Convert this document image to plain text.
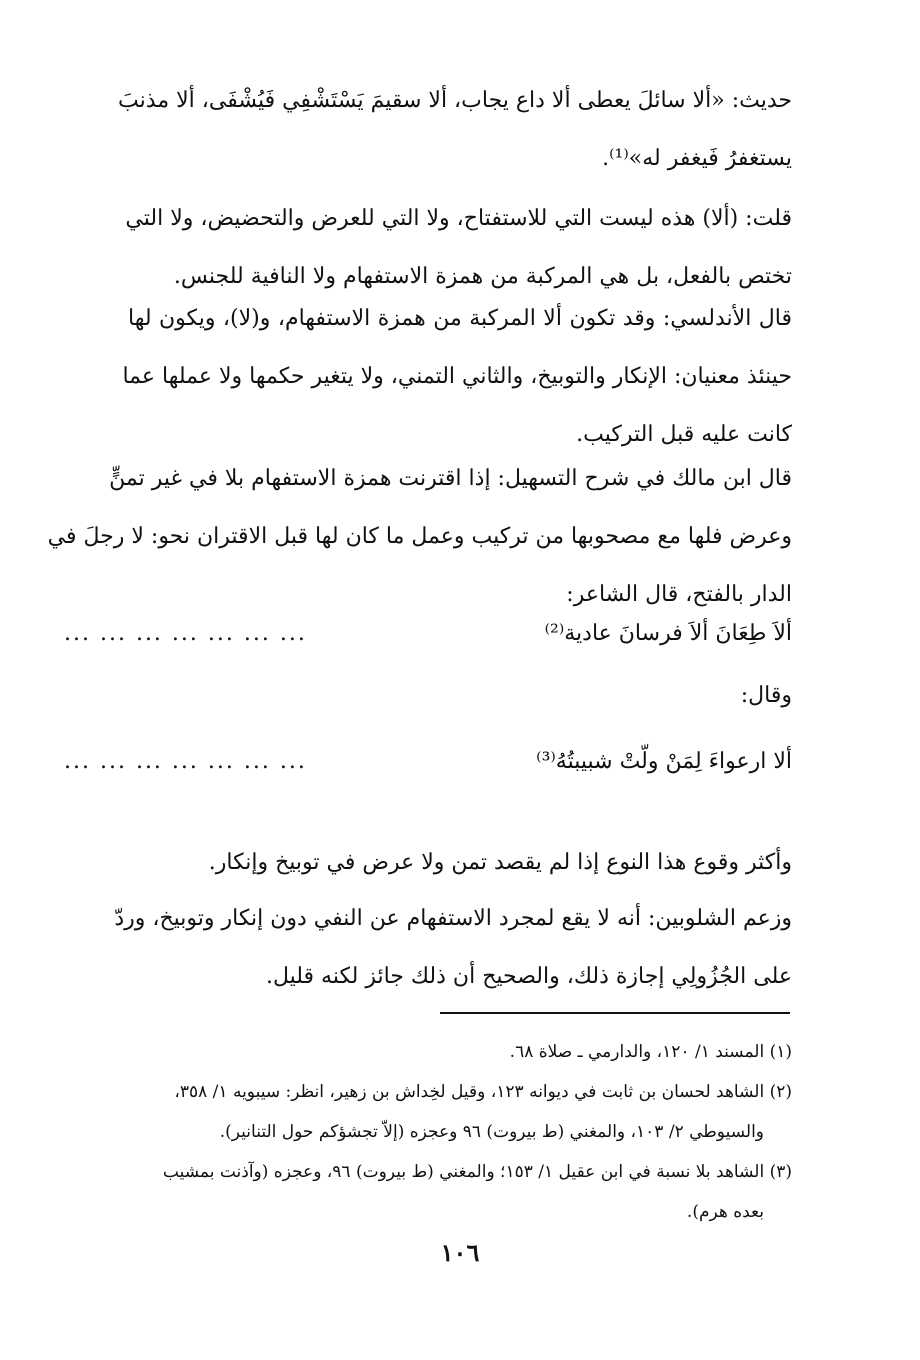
حديث: «ألا سائلَ يعطى ألا داع يجاب، ألا سقيمَ يَسْتَشْفِي فَيُشْفَى، ألا مذنبَ
يستغفرُ فَيغفر له»⁽¹⁾.
قلت: (ألا) هذه ليست التي للاستفتاح، ولا التي للعرض والتحضيض، ولا التي
تختص بالفعل، بل هي المركبة من همزة الاستفهام ولا النافية للجنس.
قال الأندلسي: وقد تكون ألا المركبة من همزة الاستفهام، و(لا)، ويكون لها
حينئذ معنيان: الإنكار والتوبيخ، والثاني التمني، ولا يتغير حكمها ولا عملها عما
كانت عليه قبل التركيب.
قال ابن مالك في شرح التسهيل: إذا اقترنت همزة الاستفهام بلا في غير تمنٍّ
وعرض فلها مع مصحوبها من تركيب وعمل ما كان لها قبل الاقتران نحو: لا رجلَ في
الدار بالفتح، قال الشاعر:
ألاَ طِعَانَ ألاَ فرسانَ عادية⁽²⁾
... ... ... ... ... ... ...
وقال:
ألا ارعواءَ لِمَنْ ولّتْ شبيبتُهُ⁽³⁾
... ... ... ... ... ... ...
وأكثر وقوع هذا النوع إذا لم يقصد تمن ولا عرض في توبيخ وإنكار.
وزعم الشلوبين: أنه لا يقع لمجرد الاستفهام عن النفي دون إنكار وتوبيخ، وردّ
على الجُزُولِي إجازة ذلك، والصحيح أن ذلك جائز لكنه قليل.
(١) المسند ١/ ١٢٠، والدارمي ـ صلاة ٦٨.
(٢) الشاهد لحسان بن ثابت في ديوانه ١٢٣، وقيل لخِداش بن زهير، انظر: سيبويه ١/ ٣٥٨،
والسيوطي ٢/ ١٠٣، والمغني (ط بيروت) ٩٦ وعجزه (إلاّ تجشؤكم حول التنانير).
(٣) الشاهد بلا نسبة في ابن عقيل ١/ ١٥٣؛ والمغني (ط بيروت) ٩٦، وعجزه (وآذنت بمشيب
بعده هرم).
١٠٦
